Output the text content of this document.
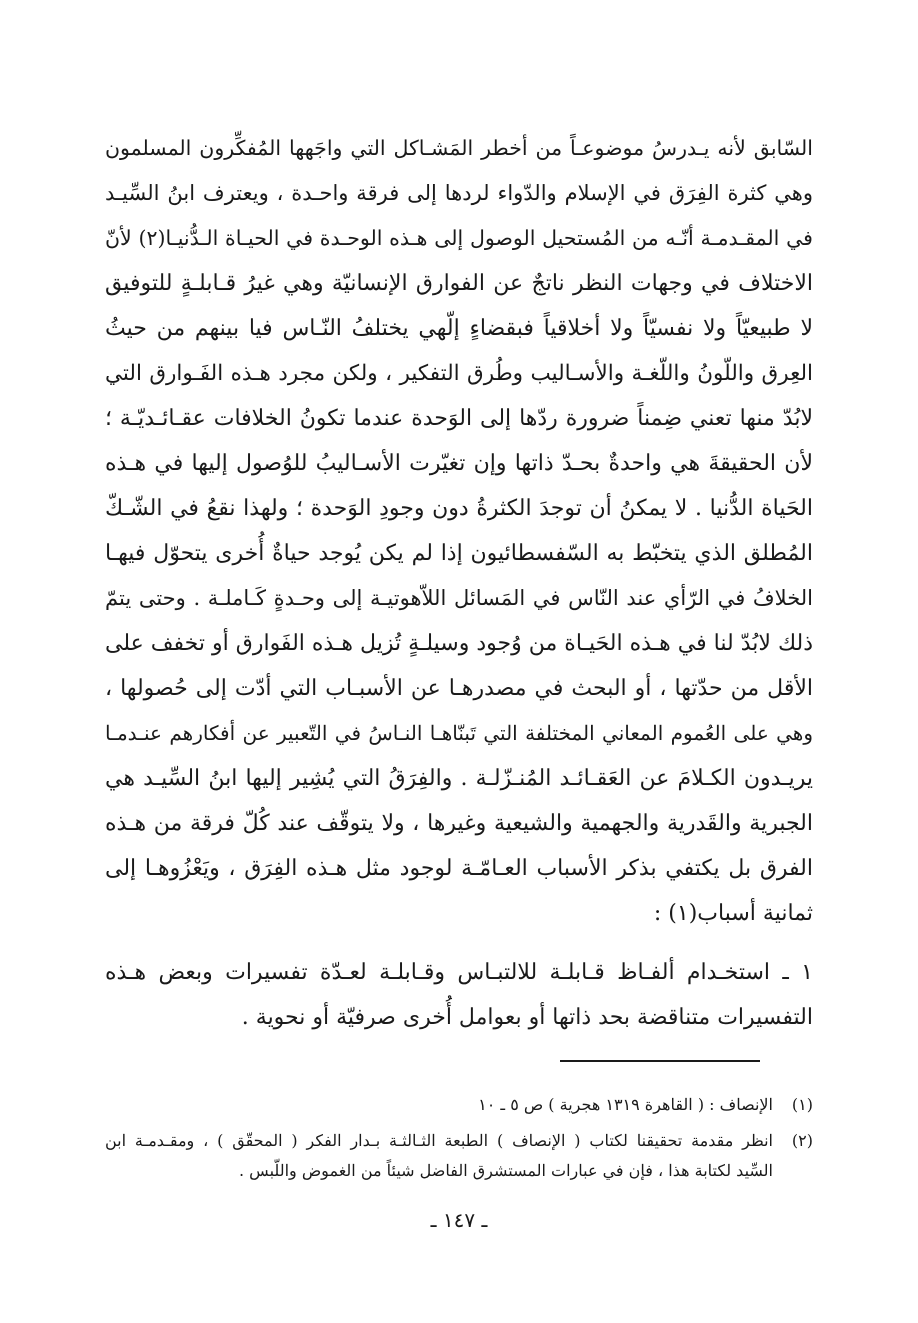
السّابق لأنه يـدرسُ موضوعـاً من أخطر المَشـاكل التي واجَهها المُفكِّرون المسلمون
وهي كثرة الفِرَق في الإسلام والدّواء لردها إلى فرقة واحـدة ، ويعترف ابنُ السِّيـد
في المقـدمـة أنّـه من المُستحيل الوصول إلى هـذه الوحـدة في الحيـاة الـدُّنيـا(٢) لأنّ
الاختلاف في وجهات النظر ناتجٌ عن الفوارق الإنسانيّة وهي غيرُ قـابلـةٍ للتوفيق
لا طبيعيّاً ولا نفسيّاً ولا أخلاقياً فبقضاءٍ إلّهي يختلفُ النّـاس فيا بينهم من حيثُ
العِرق واللّونُ واللّغـة والأسـاليب وطُرق التفكير ، ولكن مجرد هـذه الفَـوارق التي
لابُدّ منها تعني ضِمناً ضرورة ردّها إلى الوَحدة عندما تكونُ الخلافات عقـائـديّـة ؛
لأن الحقيقةَ هي واحدةٌ بحـدّ ذاتها وإن تغيّرت الأسـاليبُ للوُصول إليها في هـذه
الحَياة الدُّنيا . لا يمكنُ أن توجدَ الكثرةُ دون وجودِ الوَحدة ؛ ولهذا نقعُ في الشّـكّ
المُطلق الذي يتخبّط به السّفسطائيون إذا لم يكن يُوجد حياةٌ أُخرى يتحوّل فيهـا
الخلافُ في الرّأي عند النّاس في المَسائل اللاّهوتيـة إلى وحـدةٍ كَـاملـة . وحتى يتمّ
ذلك لابُدّ لنا في هـذه الحَيـاة من وُجود وسيلـةٍ تُزيل هـذه الفَوارق أو تخفف على
الأقل من حدّتها ، أو البحث في مصدرهـا عن الأسبـاب التي أدّت إلى حُصولها ،
وهي على العُموم المعاني المختلفة التي تَبنّاهـا النـاسُ في التّعبير عن أفكارهم عنـدمـا
يريـدون الكـلامَ عن العَقـائـد المُنـزّلـة . والفِرَقُ التي يُشِير إليها ابنُ السِّيـد هي
الجبرية والقَدرية والجهمية والشيعية وغيرها ، ولا يتوقّف عند كُلّ فرقة من هـذه
الفرق بل يكتفي بذكر الأسباب العـامّـة لوجود مثل هـذه الفِرَق ، ويَعْزُوهـا إلى
ثمانية أسباب(١) :
١ ـ استخـدام ألفـاظ قـابلـة للالتبـاس وقـابلـة لعـدّة تفسيرات وبعض هـذه
التفسيرات متناقضة بحد ذاتها أو بعوامل أُخرى صرفيّة أو نحوية .
(١)
الإنصاف : ( القاهرة ١٣١٩ هجرية ) ص ٥ ـ ١٠
(٢)
انظر مقدمة تحقيقنا لكتاب ( الإنصاف ) الطبعة الثـالثـة بـدار الفكر ( المحقّق ) ، ومقـدمـة ابن
السِّيد لكتابة هذا ، فإن في عبارات المستشرق الفاضل شيئاً من الغموض واللّبس .
ـ ١٤٧ ـ
